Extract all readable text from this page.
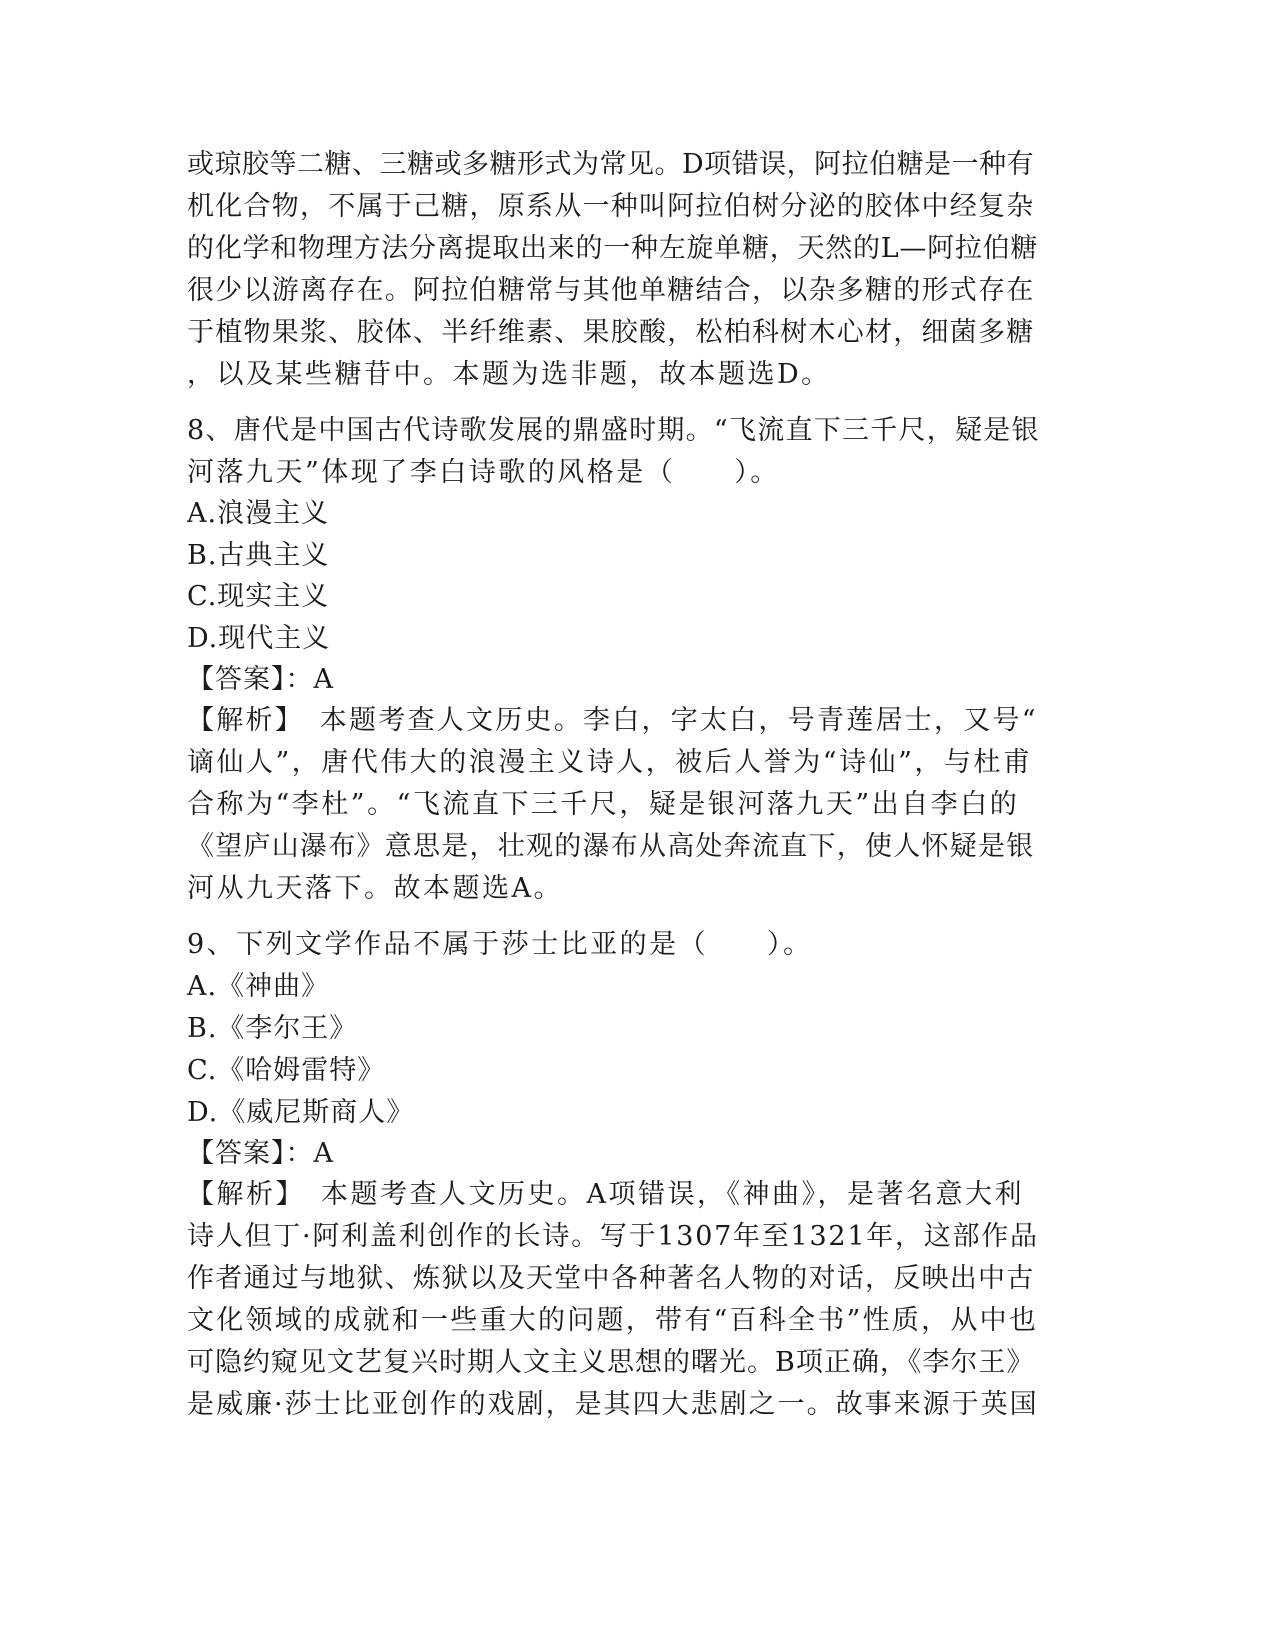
或琼胶等二糖、三糖或多糖形式为常见。D项错误，阿拉伯糖是一种有
机化合物，不属于己糖，原系从一种叫阿拉伯树分泌的胶体中经复杂
的化学和物理方法分离提取出来的一种左旋单糖，天然的L—阿拉伯糖
很少以游离存在。阿拉伯糖常与其他单糖结合，以杂多糖的形式存在
于植物果浆、胶体、半纤维素、果胶酸，松柏科树木心材，细菌多糖
，以及某些糖苷中。本题为选非题，故本题选D。
8、唐代是中国古代诗歌发展的鼎盛时期。“飞流直下三千尺，疑是银
河落九天”体现了李白诗歌的风格是（　　）。
A.浪漫主义
B.古典主义
C.现实主义
D.现代主义
【答案】：A
【解析】　本题考查人文历史。李白，字太白，号青莲居士，又号“
谪仙人”，唐代伟大的浪漫主义诗人，被后人誉为“诗仙”，与杜甫
合称为“李杜”。“飞流直下三千尺，疑是银河落九天”出自李白的
《望庐山瀑布》意思是，壮观的瀑布从高处奔流直下，使人怀疑是银
河从九天落下。故本题选A。
9、下列文学作品不属于莎士比亚的是（　　）。
A.《神曲》
B.《李尔王》
C.《哈姆雷特》
D.《威尼斯商人》
【答案】：A
【解析】　本题考查人文历史。A项错误，《神曲》，是著名意大利
诗人但丁·阿利盖利创作的长诗。写于1307年至1321年，这部作品
作者通过与地狱、炼狱以及天堂中各种著名人物的对话，反映出中古
文化领域的成就和一些重大的问题，带有“百科全书”性质，从中也
可隐约窥见文艺复兴时期人文主义思想的曙光。B项正确，《李尔王》
是威廉·莎士比亚创作的戏剧，是其四大悲剧之一。故事来源于英国
